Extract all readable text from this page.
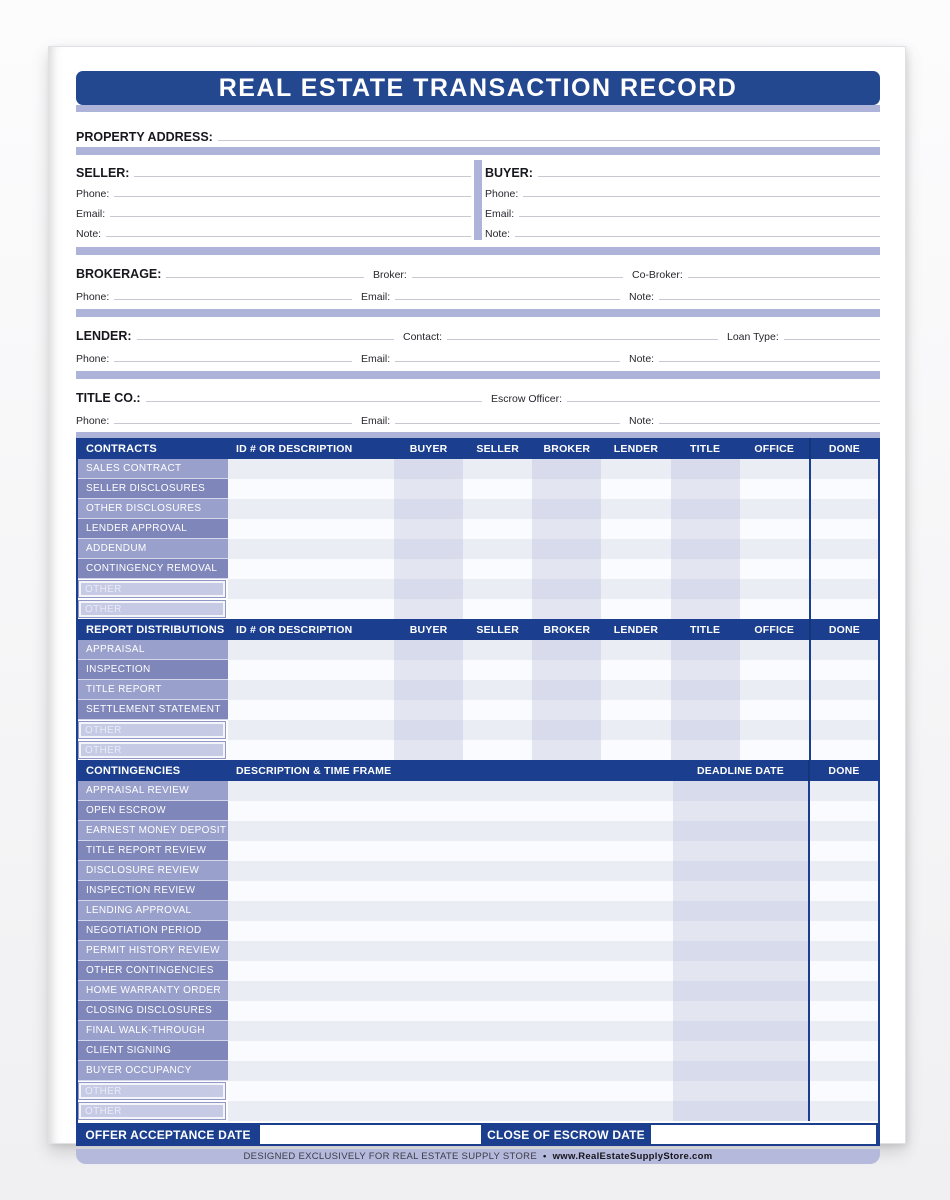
REAL ESTATE TRANSACTION RECORD
PROPERTY ADDRESS:
SELLER:
Phone:
Email:
Note:
BUYER:
Phone:
Email:
Note:
BROKERAGE:	Broker:	Co-Broker:
Phone:	Email:	Note:
LENDER:	Contact:	Loan Type:
Phone:	Email:	Note:
TITLE CO.:	Escrow Officer:
Phone:	Email:	Note:
CONTRACTS	ID # OR DESCRIPTION	BUYER	SELLER	BROKER	LENDER	TITLE	OFFICE	DONE
SALES CONTRACT
SELLER DISCLOSURES
OTHER DISCLOSURES
LENDER APPROVAL
ADDENDUM
CONTINGENCY REMOVAL
OTHER
OTHER
REPORT DISTRIBUTIONS	ID # OR DESCRIPTION	BUYER	SELLER	BROKER	LENDER	TITLE	OFFICE	DONE
APPRAISAL
INSPECTION
TITLE REPORT
SETTLEMENT STATEMENT
OTHER
OTHER
CONTINGENCIES	DESCRIPTION & TIME FRAME	DEADLINE DATE	DONE
APPRAISAL REVIEW
OPEN ESCROW
EARNEST MONEY DEPOSIT
TITLE REPORT REVIEW
DISCLOSURE REVIEW
INSPECTION REVIEW
LENDING APPROVAL
NEGOTIATION PERIOD
PERMIT HISTORY REVIEW
OTHER CONTINGENCIES
HOME WARRANTY ORDER
CLOSING DISCLOSURES
FINAL WALK-THROUGH
CLIENT SIGNING
BUYER OCCUPANCY
OTHER
OTHER
OFFER ACCEPTANCE DATE	CLOSE OF ESCROW DATE
DESIGNED EXCLUSIVELY FOR REAL ESTATE SUPPLY STORE • www.RealEstateSupplyStore.com
